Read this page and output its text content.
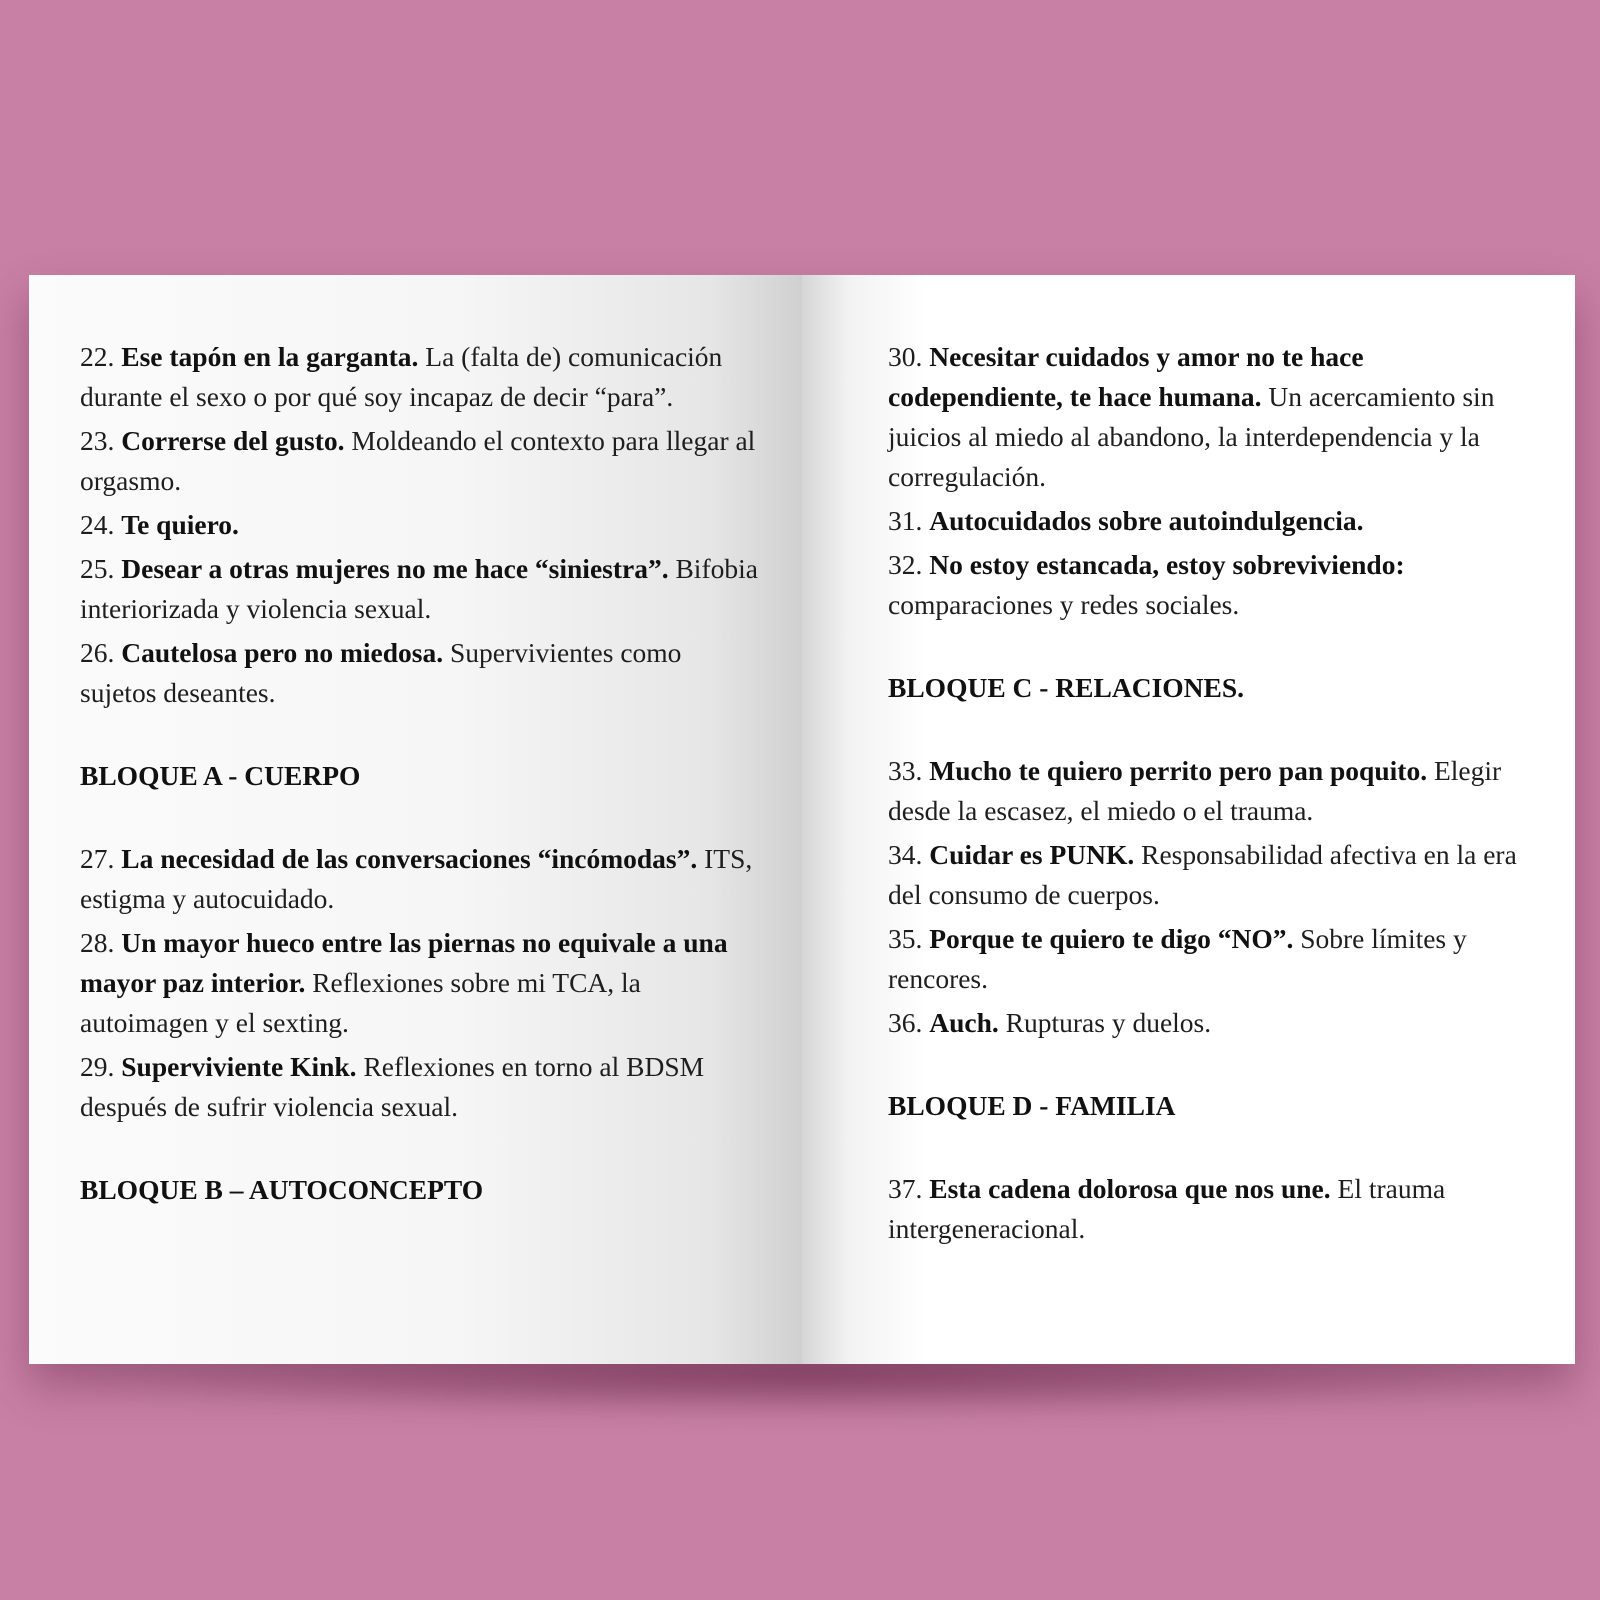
22. Ese tapón en la garganta. La (falta de) comunicación durante el sexo o por qué soy incapaz de decir “para”.
23. Correrse del gusto. Moldeando el contexto para llegar al orgasmo.
24. Te quiero.
25. Desear a otras mujeres no me hace “siniestra”. Bifobia interiorizada y violencia sexual.
26. Cautelosa pero no miedosa. Supervivientes como sujetos deseantes.
BLOQUE A - CUERPO
27. La necesidad de las conversaciones “incómodas”. ITS, estigma y autocuidado.
28. Un mayor hueco entre las piernas no equivale a una mayor paz interior. Reflexiones sobre mi TCA, la autoimagen y el sexting.
29. Superviviente Kink. Reflexiones en torno al BDSM después de sufrir violencia sexual.
BLOQUE B – AUTOCONCEPTO
30. Necesitar cuidados y amor no te hace codependiente, te hace humana. Un acercamiento sin juicios al miedo al abandono, la interdependencia y la corregulación.
31. Autocuidados sobre autoindulgencia.
32. No estoy estancada, estoy sobreviviendo: comparaciones y redes sociales.
BLOQUE C - RELACIONES.
33. Mucho te quiero perrito pero pan poquito. Elegir desde la escasez, el miedo o el trauma.
34. Cuidar es PUNK. Responsabilidad afectiva en la era del consumo de cuerpos.
35. Porque te quiero te digo “NO”. Sobre límites y rencores.
36. Auch. Rupturas y duelos.
BLOQUE D - FAMILIA
37. Esta cadena dolorosa que nos une. El trauma intergeneracional.
